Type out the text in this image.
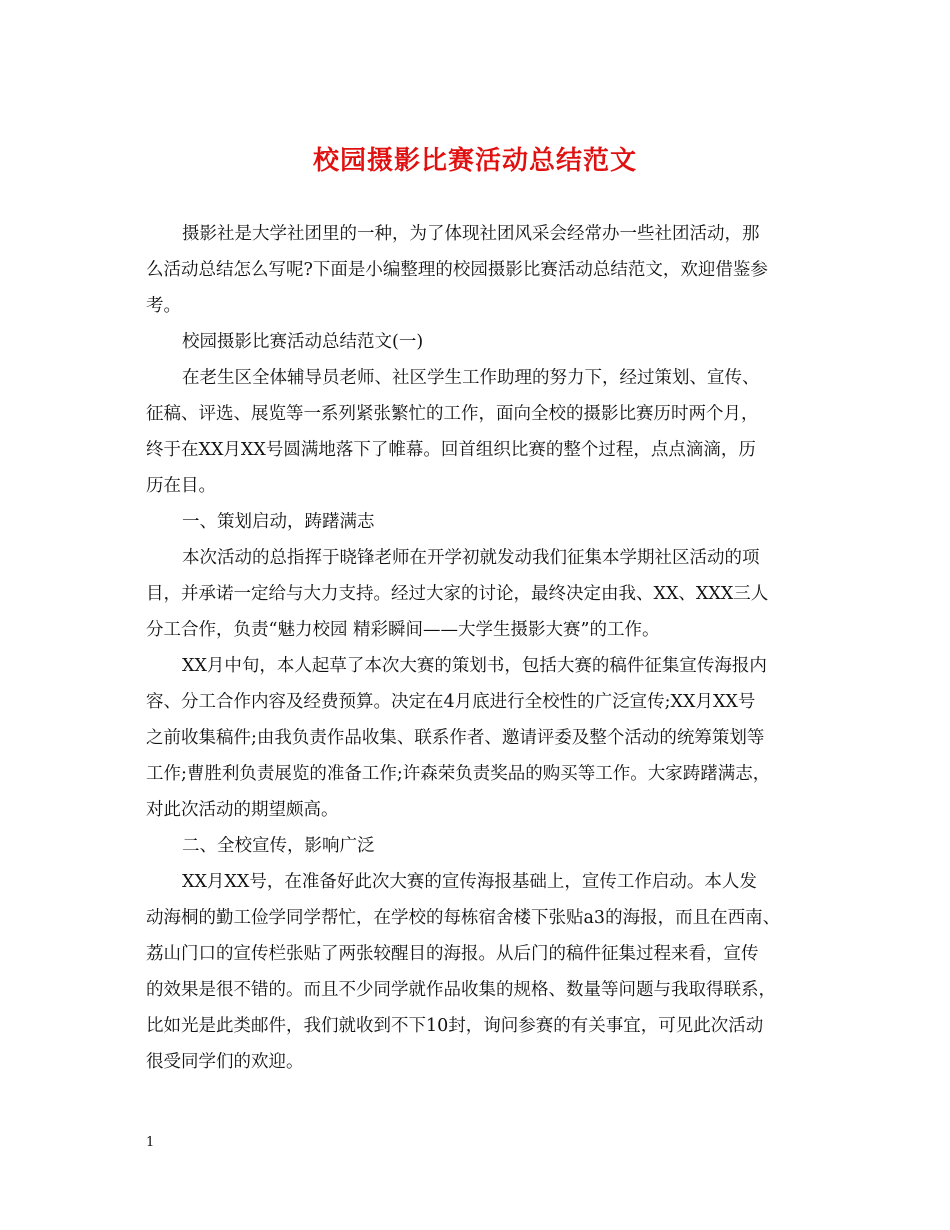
校园摄影比赛活动总结范文
摄影社是大学社团里的一种，为了体现社团风采会经常办一些社团活动，那
么活动总结怎么写呢?下面是小编整理的校园摄影比赛活动总结范文，欢迎借鉴参
考。
校园摄影比赛活动总结范文(一)
在老生区全体辅导员老师、社区学生工作助理的努力下，经过策划、宣传、
征稿、评选、展览等一系列紧张繁忙的工作，面向全校的摄影比赛历时两个月，
终于在XX月XX号圆满地落下了帷幕。回首组织比赛的整个过程，点点滴滴，历
历在目。
一、策划启动，踌躇满志
本次活动的总指挥于晓锋老师在开学初就发动我们征集本学期社区活动的项
目，并承诺一定给与大力支持。经过大家的讨论，最终决定由我、XX、XXX三人
分工合作，负责“魅力校园 精彩瞬间——大学生摄影大赛”的工作。
XX月中旬，本人起草了本次大赛的策划书，包括大赛的稿件征集宣传海报内
容、分工合作内容及经费预算。决定在4月底进行全校性的广泛宣传;XX月XX号
之前收集稿件;由我负责作品收集、联系作者、邀请评委及整个活动的统筹策划等
工作;曹胜利负责展览的准备工作;许森荣负责奖品的购买等工作。大家踌躇满志，
对此次活动的期望颇高。
二、全校宣传，影响广泛
XX月XX号，在准备好此次大赛的宣传海报基础上，宣传工作启动。本人发
动海桐的勤工俭学同学帮忙，在学校的每栋宿舍楼下张贴a3的海报，而且在西南、
荔山门口的宣传栏张贴了两张较醒目的海报。从后门的稿件征集过程来看，宣传
的效果是很不错的。而且不少同学就作品收集的规格、数量等问题与我取得联系，
比如光是此类邮件，我们就收到不下10封，询问参赛的有关事宜，可见此次活动
很受同学们的欢迎。
1
